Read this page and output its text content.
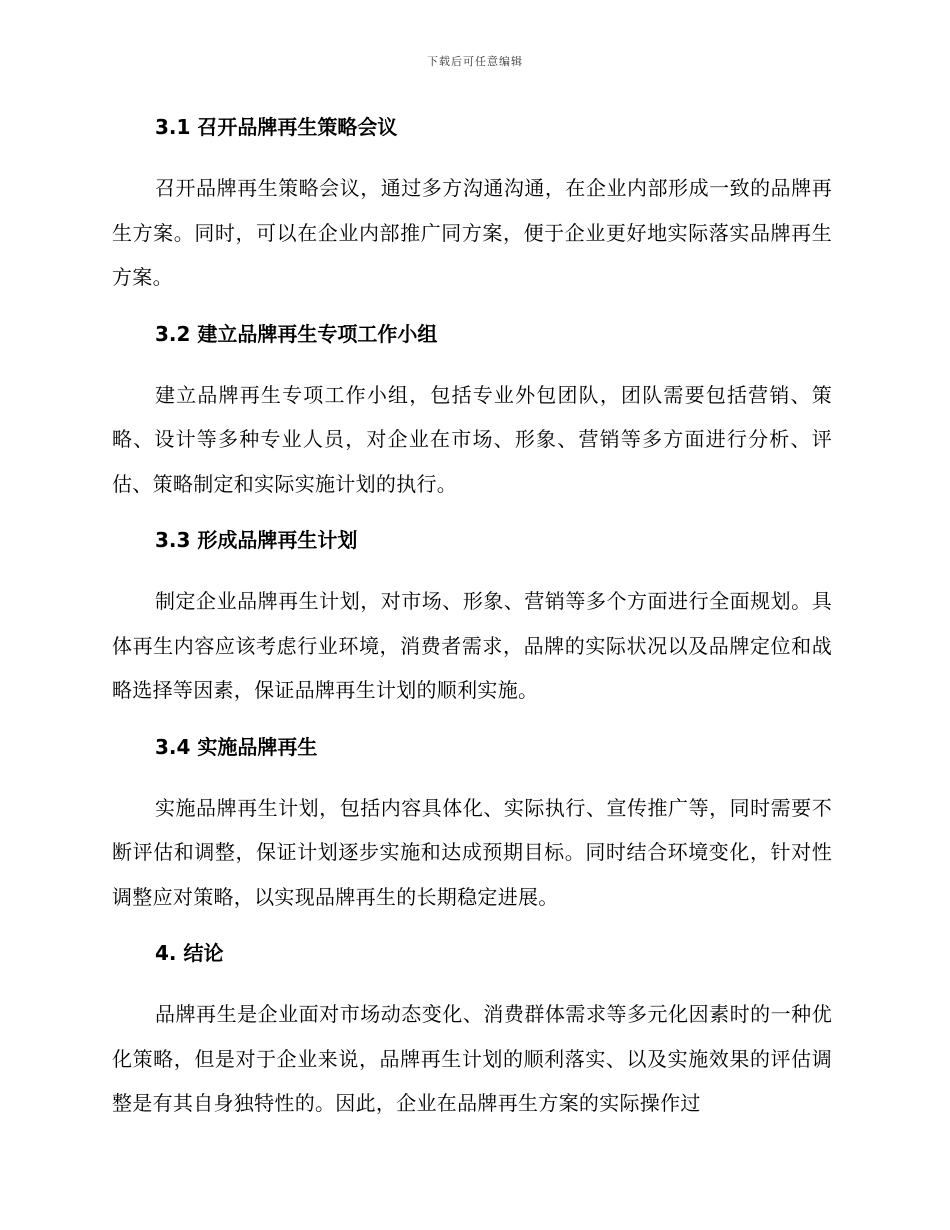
下载后可任意编辑
3.1 召开品牌再生策略会议

召开品牌再生策略会议，通过多方沟通沟通，在企业内部形成一致的品牌再生方案。同时，可以在企业内部推广同方案，便于企业更好地实际落实品牌再生方案。

3.2 建立品牌再生专项工作小组

建立品牌再生专项工作小组，包括专业外包团队，团队需要包括营销、策略、设计等多种专业人员，对企业在市场、形象、营销等多方面进行分析、评估、策略制定和实际实施计划的执行。

3.3 形成品牌再生计划

制定企业品牌再生计划，对市场、形象、营销等多个方面进行全面规划。具体再生内容应该考虑行业环境，消费者需求，品牌的实际状况以及品牌定位和战略选择等因素，保证品牌再生计划的顺利实施。

3.4 实施品牌再生

实施品牌再生计划，包括内容具体化、实际执行、宣传推广等，同时需要不断评估和调整，保证计划逐步实施和达成预期目标。同时结合环境变化，针对性调整应对策略，以实现品牌再生的长期稳定进展。

4. 结论

品牌再生是企业面对市场动态变化、消费群体需求等多元化因素时的一种优化策略，但是对于企业来说，品牌再生计划的顺利落实、以及实施效果的评估调整是有其自身独特性的。因此，企业在品牌再生方案的实际操作过
